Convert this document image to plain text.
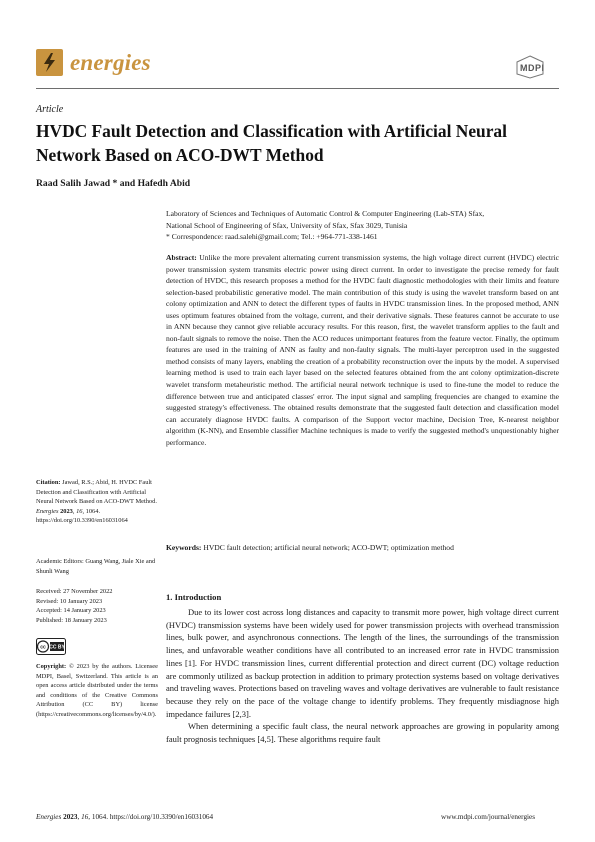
energies	MDPI
Article
HVDC Fault Detection and Classification with Artificial Neural Network Based on ACO-DWT Method
Raad Salih Jawad * and Hafedh Abid
Laboratory of Sciences and Techniques of Automatic Control & Computer Engineering (Lab-STA) Sfax,
National School of Engineering of Sfax, University of Sfax, Sfax 3029, Tunisia
* Correspondence: raad.salehi@gmail.com; Tel.: +964-771-338-1461
Abstract: Unlike the more prevalent alternating current transmission systems, the high voltage direct current (HVDC) electric power transmission system transmits electric power using direct current. In order to investigate the precise remedy for fault detection of HVDC, this research proposes a method for the HVDC fault diagnostic methodologies with their limits and feature selection-based probabilistic generative model. The main contribution of this study is using the wavelet transform based on ant colony optimization and ANN to detect the different types of faults in HVDC transmission lines. In the proposed method, ANN uses optimum features obtained from the voltage, current, and their derivative signals. These features cannot be accurate to use in ANN because they cannot give reliable accuracy results. For this reason, first, the wavelet transform applies to the fault and non-fault signals to remove the noise. Then the ACO reduces unimportant features from the feature vector. Finally, the optimum features are used in the training of ANN as faulty and non-faulty signals. The multi-layer perceptron used in the suggested method consists of many layers, enabling the creation of a probability reconstruction over the inputs by the model. A supervised learning method is used to train each layer based on the selected features obtained from the ant colony optimization-discrete wavelet transform metaheuristic method. The artificial neural network technique is used to fine-tune the model to reduce the difference between true and anticipated classes' error. The input signal and sampling frequencies are changed to examine the suggested strategy's effectiveness. The obtained results demonstrate that the suggested fault detection and classification model can accurately diagnose HVDC faults. A comparison of the Support vector machine, Decision Tree, K-nearest neighbor algorithm (K-NN), and Ensemble classifier Machine techniques is made to verify the suggested method's unquestionably higher performance.
Keywords: HVDC fault detection; artificial neural network; ACO-DWT; optimization method
Citation: Jawad, R.S.; Abid, H. HVDC Fault Detection and Classification with Artificial Neural Network Based on ACO-DWT Method. Energies 2023, 16, 1064. https://doi.org/10.3390/en16031064
Academic Editors: Guang Wang, Jiale Xie and Shunli Wang
Received: 27 November 2022
Revised: 10 January 2023
Accepted: 14 January 2023
Published: 18 January 2023
cc CC BY
Copyright: © 2023 by the authors. Licensee MDPI, Basel, Switzerland. This article is an open access article distributed under the terms and conditions of the Creative Commons Attribution (CC BY) license (https://creativecommons.org/licenses/by/4.0/).
1. Introduction

Due to its lower cost across long distances and capacity to transmit more power, high voltage direct current (HVDC) transmission systems have been widely used for power transmission projects with overhead transmission lines, bulk power, and asynchronous connections. The length of the lines, the surroundings of the transmission lines, and unfavorable weather conditions have all contributed to an increased error rate in HVDC transmission lines [1]. For HVDC transmission lines, current differential protection and direct current (DC) voltage reduction are commonly utilized as backup protection in addition to primary protection systems based on voltage derivatives and traveling waves. Protections based on traveling waves and voltage derivatives are vulnerable to fault resistance because they rely on the pace of the voltage change to identify problems. They frequently misdiagnose high impedance failures [2,3].

When determining a specific fault class, the neural network approaches are growing in popularity among fault prognosis techniques [4,5]. These algorithms require fault

Energies 2023, 16, 1064. https://doi.org/10.3390/en16031064	www.mdpi.com/journal/energies
